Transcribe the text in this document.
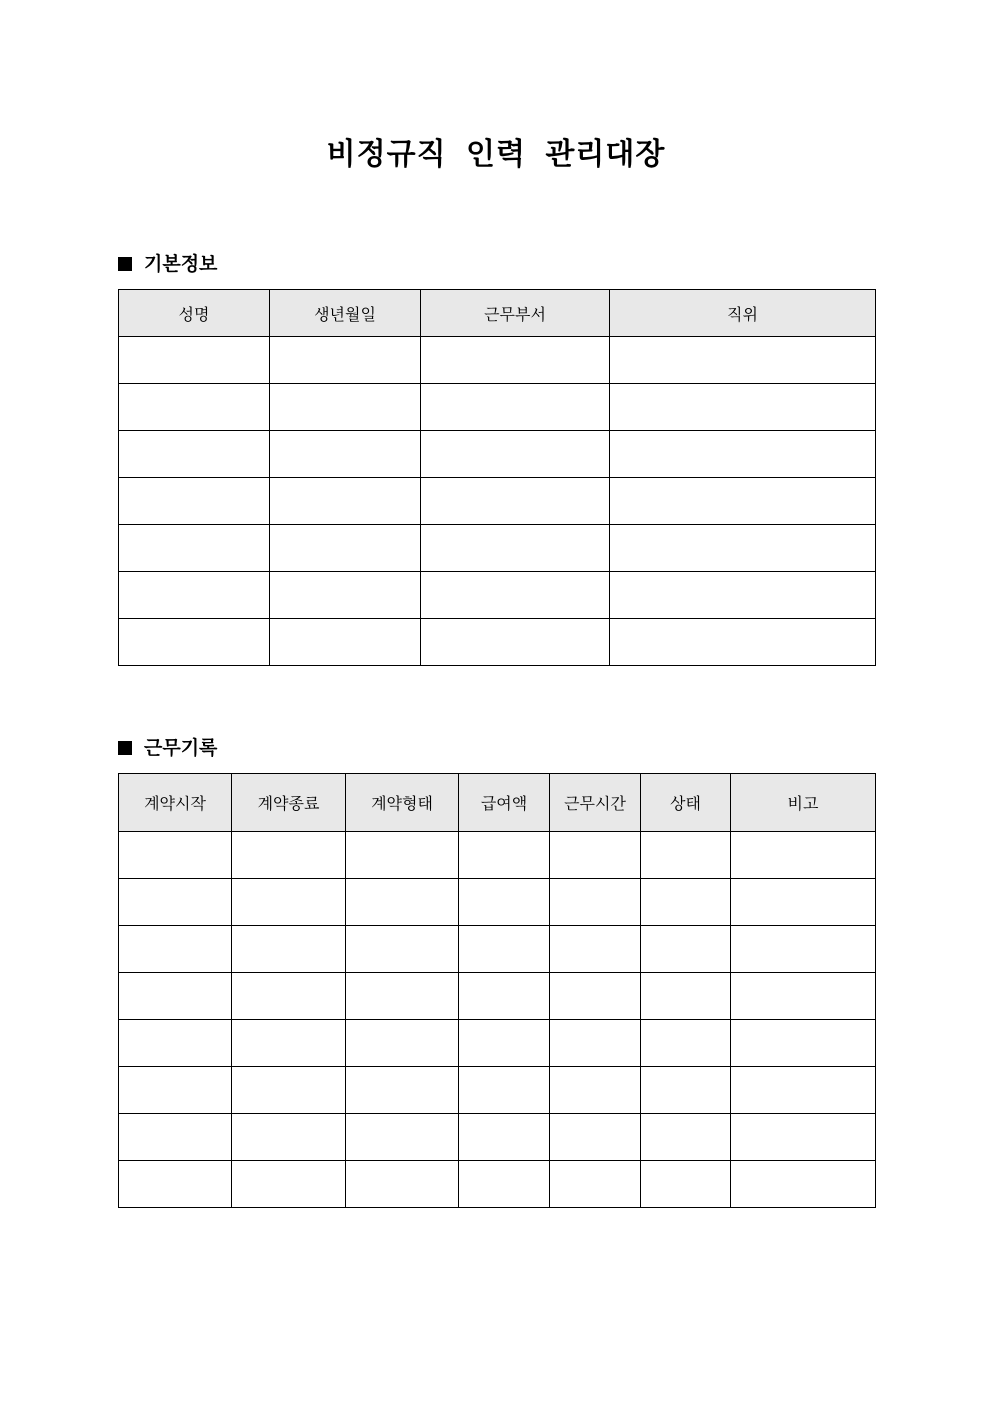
비정규직 인력 관리대장
기본정보
성명	생년월일	근무부서	직위

근무기록
계약시작	계약종료	계약형태	급여액	근무시간	상태	비고
